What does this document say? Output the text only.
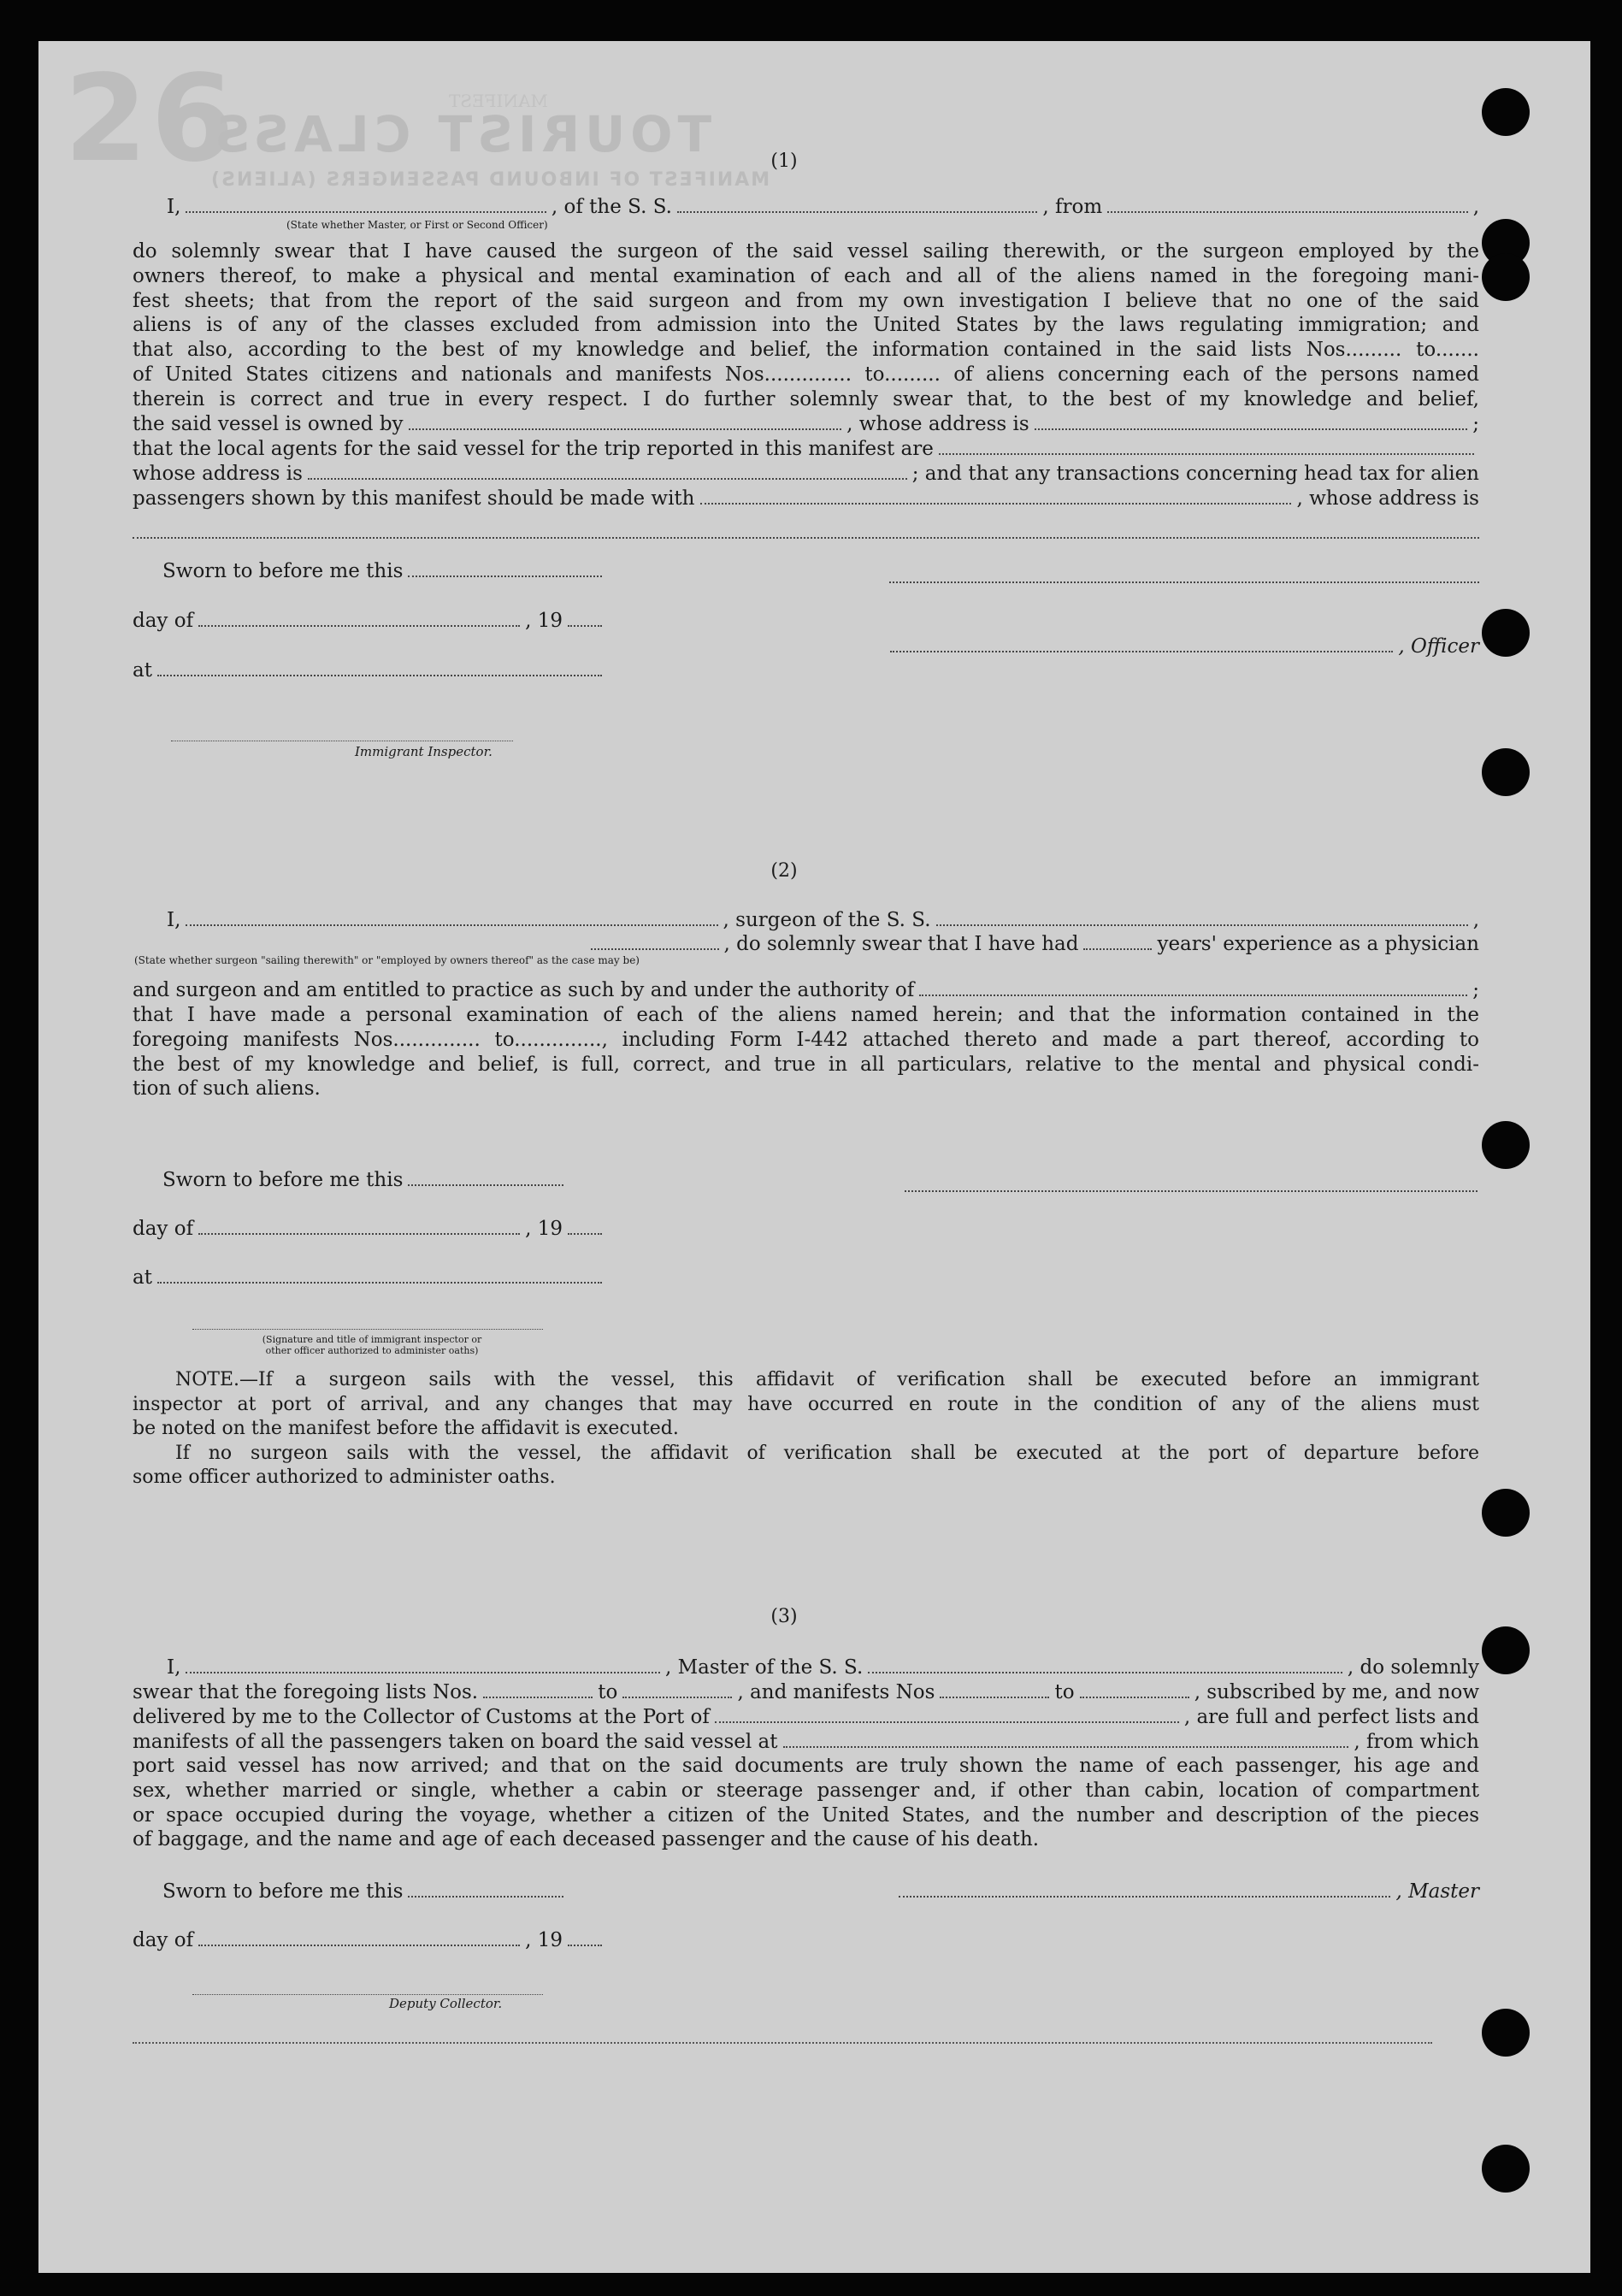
26	MANIFEST
TOURIST CLASS
MANIFEST OF INBOUND PASSENGERS (ALIENS)
(1)
I,	, of the S. S.	, from	,
(State whether Master, or First or Second Officer)
do solemnly swear that I have caused the surgeon of the said vessel sailing therewith, or the surgeon employed by the
owners thereof, to make a physical and mental examination of each and all of the aliens named in the foregoing mani-
fest sheets; that from the report of the said surgeon and from my own investigation I believe that no one of the said
aliens is of any of the classes excluded from admission into the United States by the laws regulating immigration; and
that also, according to the best of my knowledge and belief, the information contained in the said lists Nos......... to.......
of United States citizens and nationals and manifests Nos.............. to......... of aliens concerning each of the persons named
therein is correct and true in every respect. I do further solemnly swear that, to the best of my knowledge and belief,
the said vessel is owned by	, whose address is	;
that the local agents for the said vessel for the trip reported in this manifest are
whose address is	; and that any transactions concerning head tax for alien
passengers shown by this manifest should be made with	, whose address is
Sworn to before me this
day of	, 19
, Officer
at
Immigrant Inspector.
(2)
I,	, surgeon of the S. S.	,
, do solemnly swear that I have had	years' experience as a physician
(State whether surgeon "sailing therewith" or "employed by owners thereof" as the case may be)
and surgeon and am entitled to practice as such by and under the authority of	;
that I have made a personal examination of each of the aliens named herein; and that the information contained in the
foregoing manifests Nos.............. to.............., including Form I-442 attached thereto and made a part thereof, according to
the best of my knowledge and belief, is full, correct, and true in all particulars, relative to the mental and physical condi-
tion of such aliens.
Sworn to before me this
day of	, 19
at
(Signature and title of immigrant inspector or
other officer authorized to administer oaths)
NOTE.—If a surgeon sails with the vessel, this affidavit of verification shall be executed before an immigrant
inspector at port of arrival, and any changes that may have occurred en route in the condition of any of the aliens must
be noted on the manifest before the affidavit is executed.
If no surgeon sails with the vessel, the affidavit of verification shall be executed at the port of departure before
some officer authorized to administer oaths.
(3)
I,	, Master of the S. S.	, do solemnly
swear that the foregoing lists Nos.	to	, and manifests Nos	to	, subscribed by me, and now
delivered by me to the Collector of Customs at the Port of	, are full and perfect lists and
manifests of all the passengers taken on board the said vessel at	, from which
port said vessel has now arrived; and that on the said documents are truly shown the name of each passenger, his age and
sex, whether married or single, whether a cabin or steerage passenger and, if other than cabin, location of compartment
or space occupied during the voyage, whether a citizen of the United States, and the number and description of the pieces
of baggage, and the name and age of each deceased passenger and the cause of his death.
Sworn to before me this	, Master
day of	, 19
Deputy Collector.
